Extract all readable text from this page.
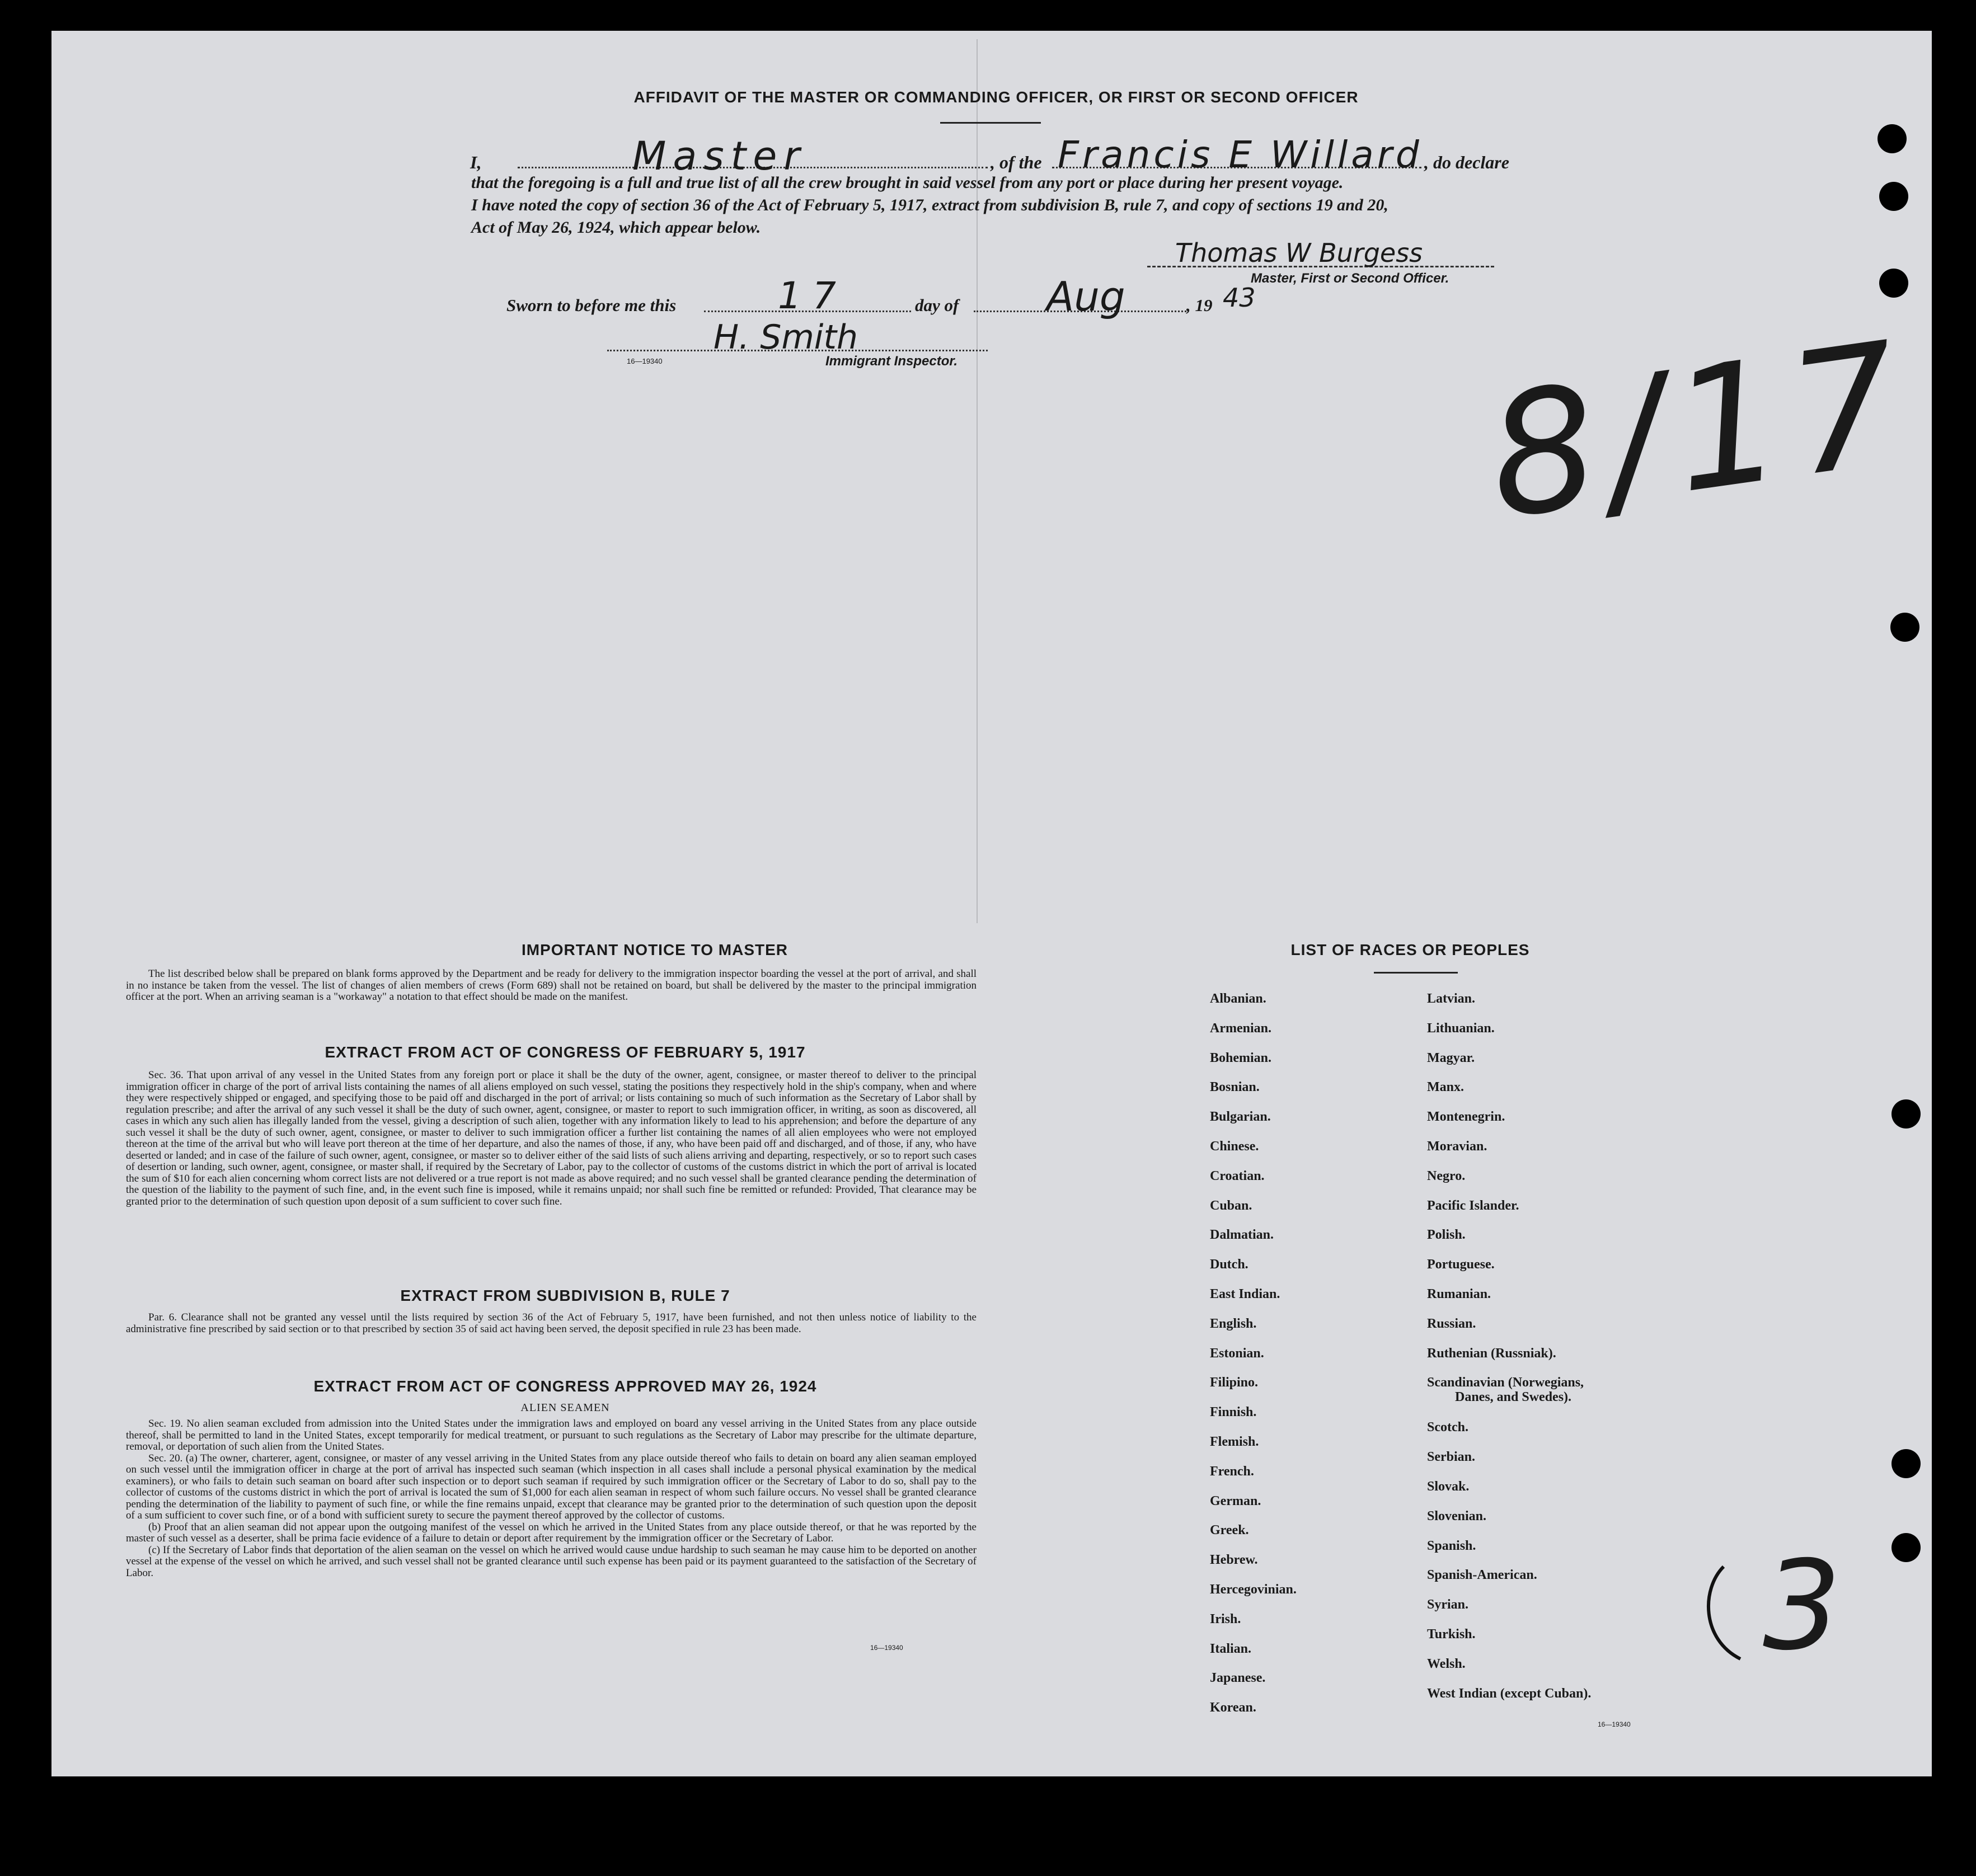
AFFIDAVIT OF THE MASTER OR COMMANDING OFFICER, OR FIRST OR SECOND OFFICER
I,	Master	, of the Francis E Willard , do declare
that the foregoing is a full and true list of all the crew brought in said vessel from any port or place during her present voyage.
I have noted the copy of section 36 of the Act of February 5, 1917, extract from subdivision B, rule 7, and copy of sections 19 and 20,
Act of May 26, 1924, which appear below.
Thomas W Burgess
Master, First or Second Officer.
Sworn to before me this	17	day of Aug	, 19 43
H. Smith
16—19340	Immigrant Inspector.	8/17
3
IMPORTANT NOTICE TO MASTER

The list described below shall be prepared on blank forms approved by the Department and be ready for delivery to the immigration inspector boarding the vessel at the port of arrival, and shall in no instance be taken from the vessel. The list of changes of alien members of crews (Form 689) shall not be retained on board, but shall be delivered by the master to the principal immigration officer at the port. When an arriving seaman is a "workaway" a notation to that effect should be made on the manifest.

EXTRACT FROM ACT OF CONGRESS OF FEBRUARY 5, 1917

Sec. 36. That upon arrival of any vessel in the United States from any foreign port or place it shall be the duty of the owner, agent, consignee, or master thereof to deliver to the principal immigration officer in charge of the port of arrival lists containing the names of all aliens employed on such vessel, stating the positions they respectively hold in the ship's company, when and where they were respectively shipped or engaged, and specifying those to be paid off and discharged in the port of arrival; or lists containing so much of such information as the Secretary of Labor shall by regulation prescribe; and after the arrival of any such vessel it shall be the duty of such owner, agent, consignee, or master to report to such immigration officer, in writing, as soon as discovered, all cases in which any such alien has illegally landed from the vessel, giving a description of such alien, together with any information likely to lead to his apprehension; and before the departure of any such vessel it shall be the duty of such owner, agent, consignee, or master to deliver to such immigration officer a further list containing the names of all alien employees who were not employed thereon at the time of the arrival but who will leave port thereon at the time of her departure, and also the names of those, if any, who have been paid off and discharged, and of those, if any, who have deserted or landed; and in case of the failure of such owner, agent, consignee, or master so to deliver either of the said lists of such aliens arriving and departing, respectively, or so to report such cases of desertion or landing, such owner, agent, consignee, or master shall, if required by the Secretary of Labor, pay to the collector of customs of the customs district in which the port of arrival is located the sum of $10 for each alien concerning whom correct lists are not delivered or a true report is not made as above required; and no such vessel shall be granted clearance pending the determination of the question of the liability to the payment of such fine, and, in the event such fine is imposed, while it remains unpaid; nor shall such fine be remitted or refunded: Provided, That clearance may be granted prior to the determination of such question upon deposit of a sum sufficient to cover such fine.

EXTRACT FROM SUBDIVISION B, RULE 7

Par. 6. Clearance shall not be granted any vessel until the lists required by section 36 of the Act of February 5, 1917, have been furnished, and not then unless notice of liability to the administrative fine prescribed by said section or to that prescribed by section 35 of said act having been served, the deposit specified in rule 23 has been made.

EXTRACT FROM ACT OF CONGRESS APPROVED MAY 26, 1924
ALIEN SEAMEN

Sec. 19. No alien seaman excluded from admission into the United States under the immigration laws and employed on board any vessel arriving in the United States from any place outside thereof, shall be permitted to land in the United States, except temporarily for medical treatment, or pursuant to such regulations as the Secretary of Labor may prescribe for the ultimate departure, removal, or deportation of such alien from the United States.

Sec. 20. (a) The owner, charterer, agent, consignee, or master of any vessel arriving in the United States from any place outside thereof who fails to detain on board any alien seaman employed on such vessel until the immigration officer in charge at the port of arrival has inspected such seaman (which inspection in all cases shall include a personal physical examination by the medical examiners), or who fails to detain such seaman on board after such inspection or to deport such seaman if required by such immigration officer or the Secretary of Labor to do so, shall pay to the collector of customs of the customs district in which the port of arrival is located the sum of $1,000 for each alien seaman in respect of whom such failure occurs. No vessel shall be granted clearance pending the determination of the liability to payment of such fine, or while the fine remains unpaid, except that clearance may be granted prior to the determination of such question upon the deposit of a sum sufficient to cover such fine, or of a bond with sufficient surety to secure the payment thereof approved by the collector of customs.

(b) Proof that an alien seaman did not appear upon the outgoing manifest of the vessel on which he arrived in the United States from any place outside thereof, or that he was reported by the master of such vessel as a deserter, shall be prima facie evidence of a failure to detain or deport after requirement by the immigration officer or the Secretary of Labor.

(c) If the Secretary of Labor finds that deportation of the alien seaman on the vessel on which he arrived would cause undue hardship to such seaman he may cause him to be deported on another vessel at the expense of the vessel on which he arrived, and such vessel shall not be granted clearance until such expense has been paid or its payment guaranteed to the satisfaction of the Secretary of Labor.

16—19340
LIST OF RACES OR PEOPLES
Albanian.
Armenian.
Bohemian.
Bosnian.
Bulgarian.
Chinese.
Croatian.
Cuban.
Dalmatian.
Dutch.
East Indian.
English.
Estonian.
Filipino.
Finnish.
Flemish.
French.
German.
Greek.
Hebrew.
Hercegovinian.
Irish.
Italian.
Japanese.
Korean.
Latvian.
Lithuanian.
Magyar.
Manx.
Montenegrin.
Moravian.
Negro.
Pacific Islander.
Polish.
Portuguese.
Rumanian.
Russian.
Ruthenian (Russniak).
Scandinavian (Norwegians,
Danes, and Swedes).
Scotch.
Serbian.
Slovak.
Slovenian.
Spanish.
Spanish-American.
Syrian.
Turkish.
Welsh.
West Indian (except Cuban).
16—19340
